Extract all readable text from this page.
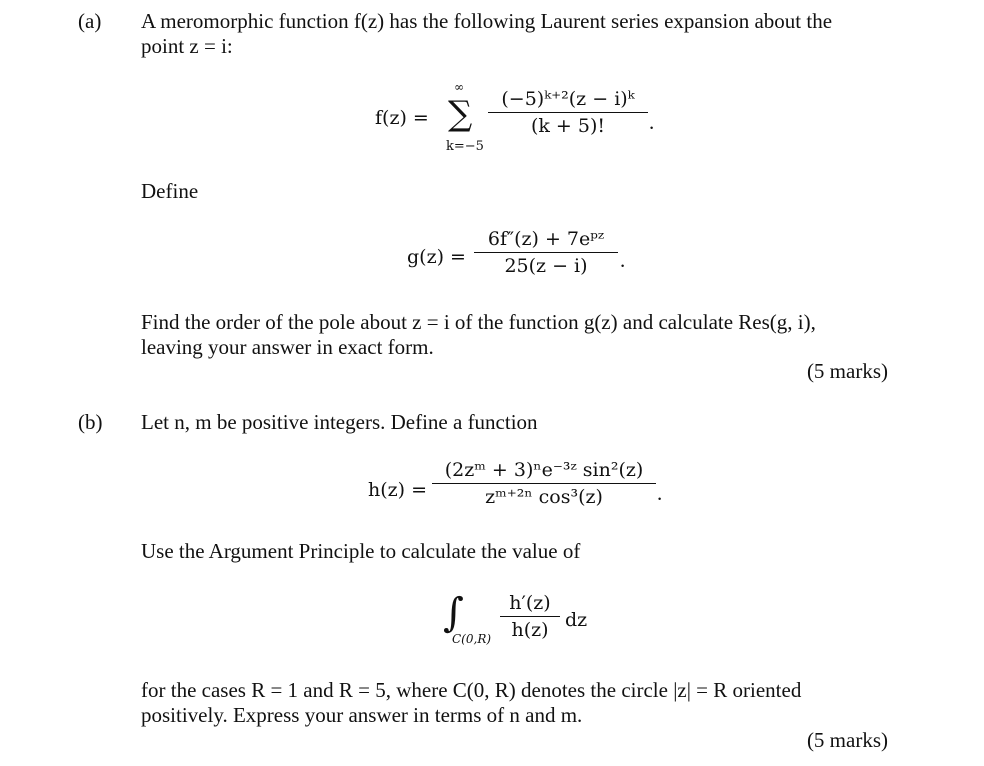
(a) A meromorphic function f(z) has the following Laurent series expansion about the
point z = i:
f(z) =
∞
∑
k=−5
(−5)ᵏ⁺²(z − i)ᵏ
(k + 5)!	.
Define
g(z) =
6f″(z) + 7eᵖᶻ
25(z − i)	.
Find the order of the pole about z = i of the function g(z) and calculate Res(g, i),
leaving your answer in exact form.
(5 marks)
(b) Let n, m be positive integers. Define a function
h(z) =
(2zᵐ + 3)ⁿe⁻³ᶻ sin²(z)
zᵐ⁺²ⁿ cos³(z)	.
Use the Argument Principle to calculate the value of
∫
C(0,R)
h′(z)
h(z) dz
for the cases R = 1 and R = 5, where C(0, R) denotes the circle |z| = R oriented
positively. Express your answer in terms of n and m.
(5 marks)
